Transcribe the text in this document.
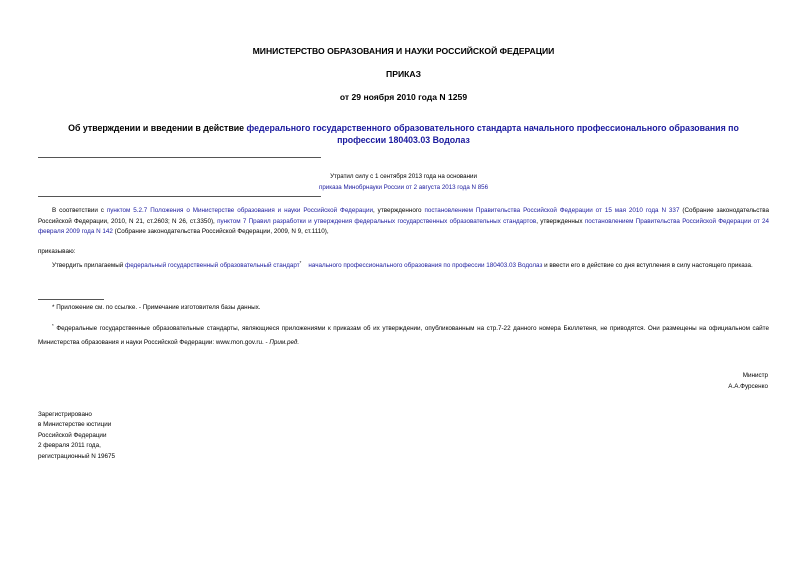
МИНИСТЕРСТВО ОБРАЗОВАНИЯ И НАУКИ РОССИЙСКОЙ ФЕДЕРАЦИИ
ПРИКАЗ
от 29 ноября 2010 года N 1259
Об утверждении и введении в действие федерального государственного образовательного стандарта начального профессионального образования по профессии 180403.03 Водолаз
Утратил силу с 1 сентября 2013 года на основании
приказа Минобрнауки России от 2 августа 2013 года N 856
В соответствии с пунктом 5.2.7 Положения о Министерстве образования и науки Российской Федерации, утвержденного постановлением Правительства Российской Федерации от 15 мая 2010 года N 337 (Собрание законодательства Российской Федерации, 2010, N 21, ст.2603; N 26, ст.3350), пунктом 7 Правил разработки и утверждения федеральных государственных образовательных стандартов, утвержденных постановлением Правительства Российской Федерации от 24 февраля 2009 года N 142 (Собрание законодательства Российской Федерации, 2009, N 9, ст.1110),
приказываю:
Утвердить прилагаемый федеральный государственный образовательный стандарт* начального профессионального образования по профессии 180403.03 Водолаз и ввести его в действие со дня вступления в силу настоящего приказа.
* Приложение см. по ссылке. - Примечание изготовителя базы данных.
* Федеральные государственные образовательные стандарты, являющиеся приложениями к приказам об их утверждении, опубликованным на стр.7-22 данного номера Бюллетеня, не приводятся. Они размещены на официальном сайте Министерства образования и науки Российской Федерации: www.mon.gov.ru. - Прим.ред.
Министр
А.А.Фурсенко
Зарегистрировано
в Министерстве юстиции
Российской Федерации
2 февраля 2011 года,
регистрационный N 19675
